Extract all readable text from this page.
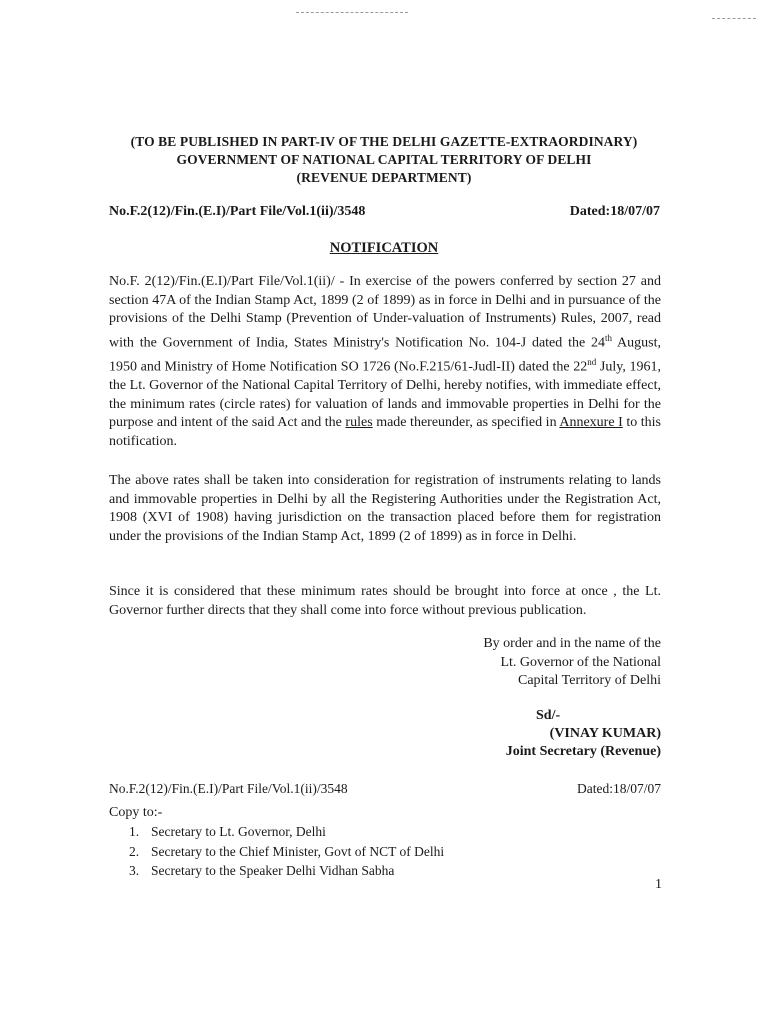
(TO BE PUBLISHED IN PART-IV OF THE DELHI GAZETTE-EXTRAORDINARY)
GOVERNMENT OF NATIONAL CAPITAL TERRITORY OF DELHI
(REVENUE DEPARTMENT)
No.F.2(12)/Fin.(E.I)/Part File/Vol.1(ii)/3548	Dated:18/07/07
NOTIFICATION

No.F. 2(12)/Fin.(E.I)/Part File/Vol.1(ii)/ - In exercise of the powers conferred by section 27 and section 47A of the Indian Stamp Act, 1899 (2 of 1899) as in force in Delhi and in pursuance of the provisions of the Delhi Stamp (Prevention of Under-valuation of Instruments) Rules, 2007, read with the Government of India, States Ministry's Notification No. 104-J dated the 24th August, 1950 and Ministry of Home Notification SO 1726 (No.F.215/61-Judl-II) dated the 22nd July, 1961, the Lt. Governor of the National Capital Territory of Delhi, hereby notifies, with immediate effect, the minimum rates (circle rates) for valuation of lands and immovable properties in Delhi for the purpose and intent of the said Act and the rules made thereunder, as specified in Annexure I to this notification.

The above rates shall be taken into consideration for registration of instruments relating to lands and immovable properties in Delhi by all the Registering Authorities under the Registration Act, 1908 (XVI of 1908) having jurisdiction on the transaction placed before them for registration under the provisions of the Indian Stamp Act, 1899 (2 of 1899) as in force in Delhi.

Since it is considered that these minimum rates should be brought into force at once , the Lt. Governor further directs that they shall come into force without previous publication.

By order and in the name of the
Lt. Governor of the National
Capital Territory of Delhi
Sd/-
(VINAY KUMAR)
Joint Secretary (Revenue)
No.F.2(12)/Fin.(E.I)/Part File/Vol.1(ii)/3548	Dated:18/07/07
Copy to:-
1. Secretary to Lt. Governor, Delhi
2. Secretary to the Chief Minister, Govt of NCT of Delhi
3. Secretary to the Speaker Delhi Vidhan Sabha
1
